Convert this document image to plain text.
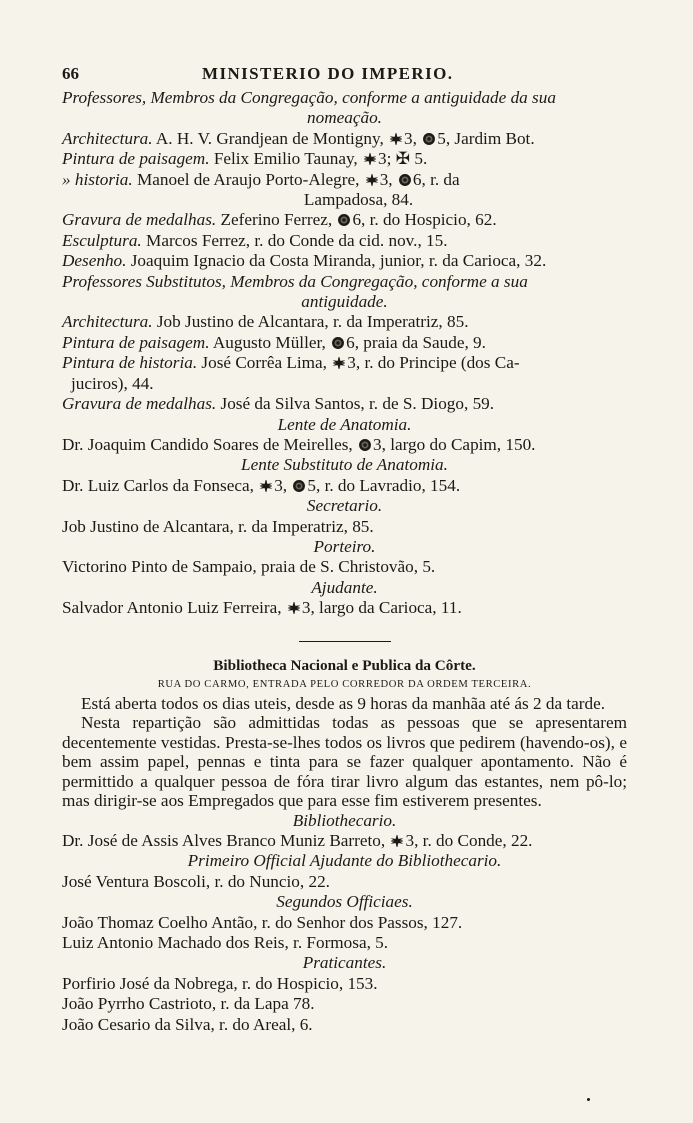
66	MINISTERIO DO IMPERIO.
Professores, Membros da Congregação, conforme a antiguidade da sua
nomeação.
Architectura. A. H. V. Grandjean de Montigny, 3, 5, Jardim Bot.
Pintura de paisagem. Felix Emilio Taunay, 3; ✠ 5.
» historia. Manoel de Araujo Porto-Alegre, 3, 6, r. da
Lampadosa, 84.
Gravura de medalhas. Zeferino Ferrez, 6, r. do Hospicio, 62.
Esculptura. Marcos Ferrez, r. do Conde da cid. nov., 15.
Desenho. Joaquim Ignacio da Costa Miranda, junior, r. da Carioca, 32.
Professores Substitutos, Membros da Congregação, conforme a sua
antiguidade.
Architectura. Job Justino de Alcantara, r. da Imperatriz, 85.
Pintura de paisagem. Augusto Müller, 6, praia da Saude, 9.
Pintura de historia. José Corrêa Lima, 3, r. do Principe (dos Ca-
juciros), 44.
Gravura de medalhas. José da Silva Santos, r. de S. Diogo, 59.
Lente de Anatomia.
Dr. Joaquim Candido Soares de Meirelles, 3, largo do Capim, 150.
Lente Substituto de Anatomia.
Dr. Luiz Carlos da Fonseca, 3, 5, r. do Lavradio, 154.
Secretario.
Job Justino de Alcantara, r. da Imperatriz, 85.
Porteiro.
Victorino Pinto de Sampaio, praia de S. Christovão, 5.
Ajudante.
Salvador Antonio Luiz Ferreira, 3, largo da Carioca, 11.
Bibliotheca Nacional e Publica da Côrte.
RUA DO CARMO, ENTRADA PELO CORREDOR DA ORDEM TERCEIRA.
Está aberta todos os dias uteis, desde as 9 horas da manhãa até ás 2 da tarde.
Nesta repartição são admittidas todas as pessoas que se apresentarem decentemente vestidas. Presta-se-lhes todos os livros que pedirem (havendo-os), e bem assim papel, pennas e tinta para se fazer qualquer apontamento. Não é permittido a qualquer pessoa de fóra tirar livro algum das estantes, nem pô-lo; mas dirigir-se aos Empregados que para esse fim estiverem presentes.
Bibliothecario.
Dr. José de Assis Alves Branco Muniz Barreto, 3, r. do Conde, 22.
Primeiro Official Ajudante do Bibliothecario.
José Ventura Boscoli, r. do Nuncio, 22.
Segundos Officiaes.
João Thomaz Coelho Antão, r. do Senhor dos Passos, 127.
Luiz Antonio Machado dos Reis, r. Formosa, 5.
Praticantes.
Porfirio José da Nobrega, r. do Hospicio, 153.
João Pyrrho Castrioto, r. da Lapa 78.
João Cesario da Silva, r. do Areal, 6.
